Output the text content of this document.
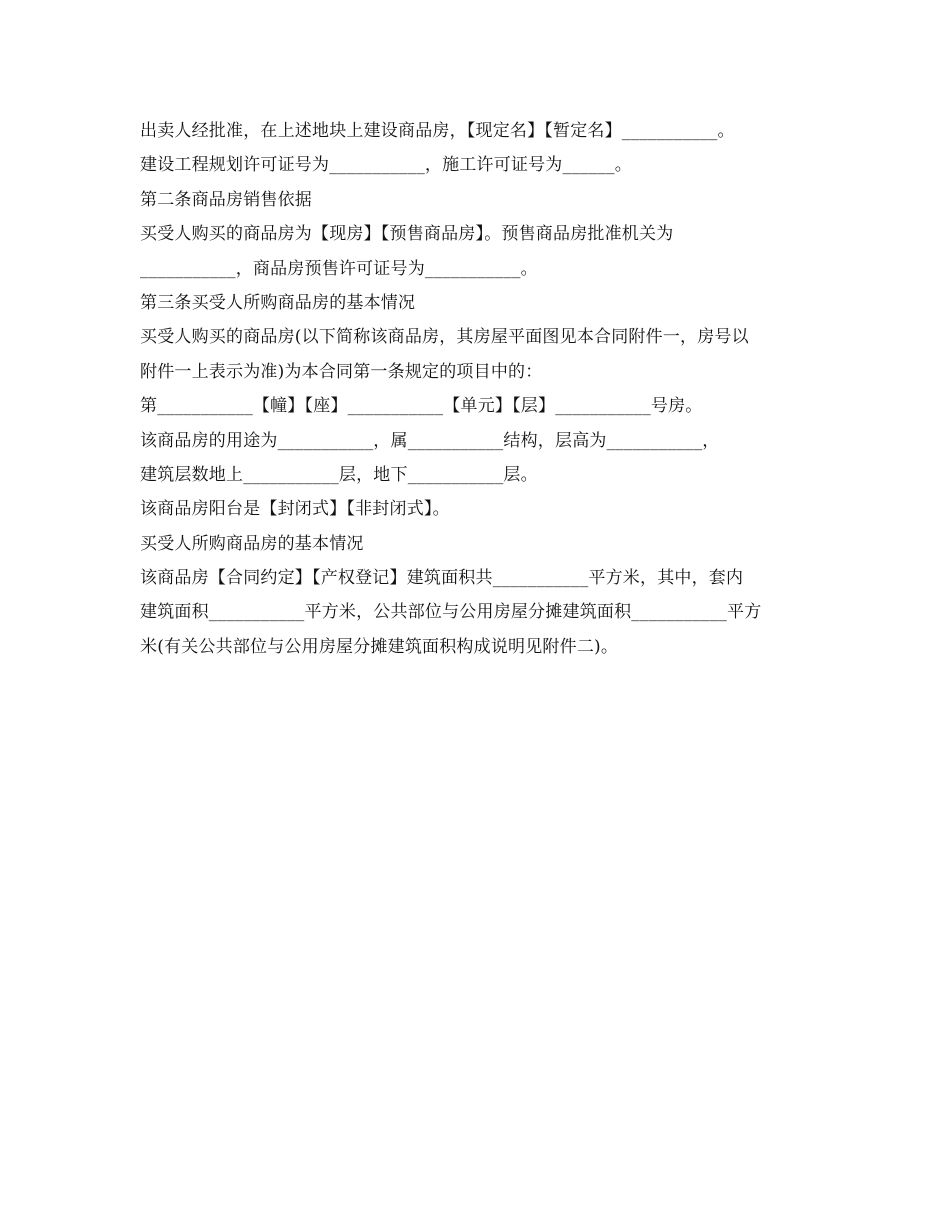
出卖人经批准，在上述地块上建设商品房，【现定名】【暂定名】___________。
建设工程规划许可证号为___________，施工许可证号为______。
第二条商品房销售依据
买受人购买的商品房为【现房】【预售商品房】。预售商品房批准机关为
___________，商品房预售许可证号为___________。
第三条买受人所购商品房的基本情况
买受人购买的商品房(以下简称该商品房，其房屋平面图见本合同附件一，房号以
附件一上表示为准)为本合同第一条规定的项目中的：
第___________【幢】【座】___________【单元】【层】___________号房。
该商品房的用途为___________，属___________结构，层高为___________，
建筑层数地上___________层，地下___________层。
该商品房阳台是【封闭式】【非封闭式】。
买受人所购商品房的基本情况
该商品房【合同约定】【产权登记】建筑面积共___________平方米，其中，套内
建筑面积___________平方米，公共部位与公用房屋分摊建筑面积___________平方
米(有关公共部位与公用房屋分摊建筑面积构成说明见附件二)。
